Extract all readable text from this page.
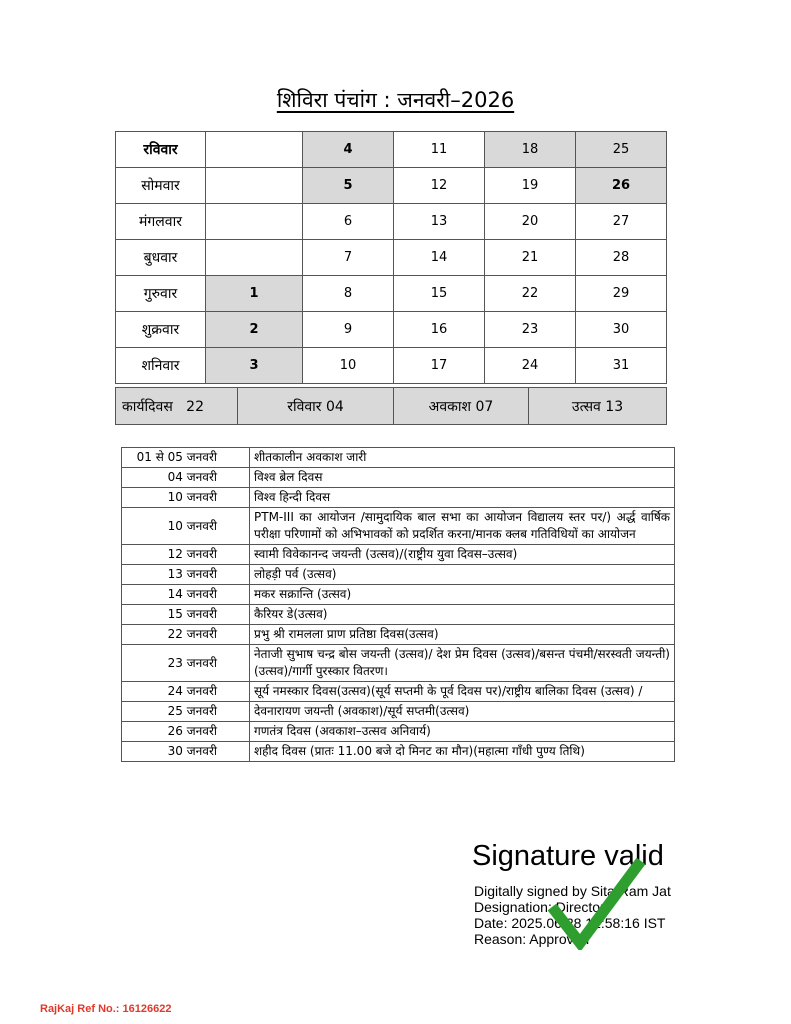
शिविरा पंचांग : जनवरी–2026
रविवार		4	11	18	25
सोमवार		5	12	19	26
मंगलवार		6	13	20	27
बुधवार		7	14	21	28
गुरुवार	1	8	15	22	29
शुक्रवार	2	9	16	23	30
शनिवार	3	10	17	24	31
कार्यदिवस 22	रविवार 04	अवकाश 07	उत्सव 13
01 से 05 जनवरी	शीतकालीन अवकाश जारी
04 जनवरी	विश्व ब्रेल दिवस
10 जनवरी	विश्व हिन्दी दिवस
10 जनवरी	PTM-III का आयोजन /सामुदायिक बाल सभा का आयोजन विद्यालय स्तर पर/) अर्द्ध वार्षिक परीक्षा परिणामों को अभिभावकों को प्रदर्शित करना/मानक क्लब गतिविधियों का आयोजन
12 जनवरी	स्वामी विवेकानन्द जयन्ती (उत्सव)/(राष्ट्रीय युवा दिवस–उत्सव)
13 जनवरी	लोहड़ी पर्व (उत्सव)
14 जनवरी	मकर सक्रान्ति (उत्सव)
15 जनवरी	कैरियर डे(उत्सव)
22 जनवरी	प्रभु श्री रामलला प्राण प्रतिष्ठा दिवस(उत्सव)
23 जनवरी	नेताजी सुभाष चन्द्र बोस जयन्ती (उत्सव)/ देश प्रेम दिवस (उत्सव)/बसन्त पंचमी/सरस्वती जयन्ती) (उत्सव)/गार्गी पुरस्कार वितरण।
24 जनवरी	सूर्य नमस्कार दिवस(उत्सव)(सूर्य सप्तमी के पूर्व दिवस पर)/राष्ट्रीय बालिका दिवस (उत्सव) /
25 जनवरी	देवनारायण जयन्ती (अवकाश)/सूर्य सप्तमी(उत्सव)
26 जनवरी	गणतंत्र दिवस (अवकाश–उत्सव अनिवार्य)
30 जनवरी	शहीद दिवस (प्रातः 11.00 बजे दो मिनट का मौन)(महात्मा गाँधी पुण्य तिथि)
Signature valid
Digitally signed by Sita Ram Jat
Designation: Director
Date: 2025.06.28 12:58:16 IST
Reason: Approved
RajKaj Ref No.: 16126622
